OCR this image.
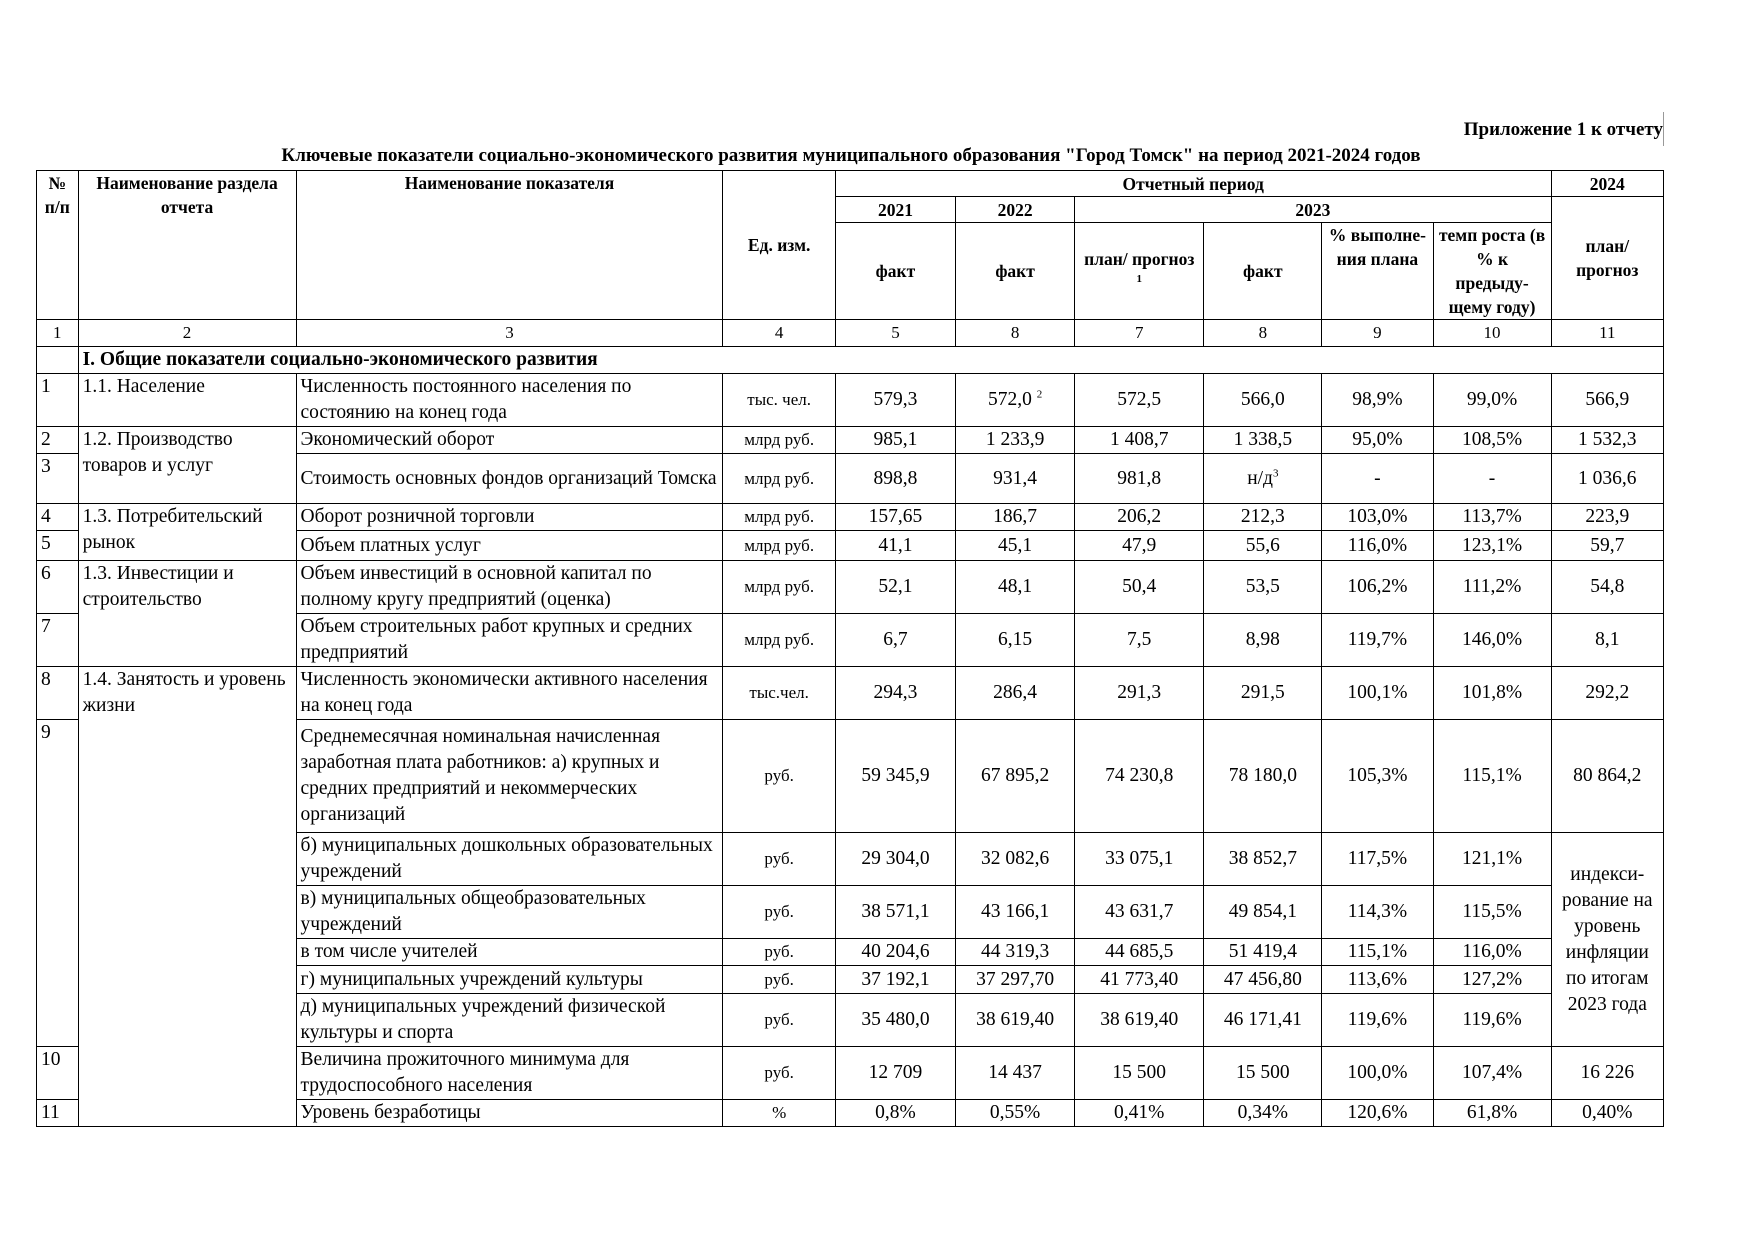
Приложение 1 к отчету
Ключевые показатели социально-экономического развития муниципального образования "Город Томск" на период 2021-2024 годов
№ п/п	Наименование раздела отчета	Наименование показателя	Ед. изм.	Отчетный период						2024
				2021	2022	2023				план/ прогноз
				факт	факт	план/ прогноз $^1$	факт	% выполне- ния плана	темп роста (в % к предыду- щему году)	
1	2	3	4	5	8	7	8	9	10	11
	I. Общие показатели социально-экономического развития									
1	1.1. Население	Численность постоянного населения по состоянию на конец года	тыс. чел.	579,3	572,0 $^2$	572,5	566,0	98,9%	99,0%	566,9
2	1.2. Производство товаров и услуг	Экономический оборот	млрд руб.	985,1	1 233,9	1 408,7	1 338,5	95,0%	108,5%	1 532,3
3		Стоимость основных фондов организаций Томска	млрд руб.	898,8	931,4	981,8	$н/д^3$	-	-	1 036,6
4	1.3. Потребительский рынок	Оборот розничной торговли	млрд руб.	157,65	186,7	206,2	212,3	103,0%	113,7%	223,9
5		Объем платных услуг	млрд руб.	41,1	45,1	47,9	55,6	116,0%	123,1%	59,7
6	1.3. Инвестиции и строительство	Объем инвестиций в основной капитал по полному кругу предприятий (оценка)	млрд руб.	52,1	48,1	50,4	53,5	106,2%	111,2%	54,8
7		Объем строительных работ крупных и средних предприятий	млрд руб.	6,7	6,15	7,5	8,98	119,7%	146,0%	8,1
8	1.4. Занятость и уровень жизни	Численность экономически активного населения на конец года	тыс.чел.	294,3	286,4	291,3	291,5	100,1%	101,8%	292,2
9		Среднемесячная номинальная начисленная заработная плата работников: а) крупных и средних предприятий и некоммерческих организаций	руб.	59 345,9	67 895,2	74 230,8	78 180,0	105,3%	115,1%	80 864,2
		б) муниципальных дошкольных образовательных учреждений	руб.	29 304,0	32 082,6	33 075,1	38 852,7	117,5%	121,1%	индекси- рование на уровень инфляции по итогам 2023 года
		в) муниципальных общеобразовательных учреждений	руб.	38 571,1	43 166,1	43 631,7	49 854,1	114,3%	115,5%	
		в том числе учителей	руб.	40 204,6	44 319,3	44 685,5	51 419,4	115,1%	116,0%	
		г) муниципальных учреждений культуры	руб.	37 192,1	37 297,70	41 773,40	47 456,80	113,6%	127,2%	
		д) муниципальных учреждений физической культуры и спорта	руб.	35 480,0	38 619,40	38 619,40	46 171,41	119,6%	119,6%	
10		Величина прожиточного минимума для трудоспособного населения	руб.	12 709	14 437	15 500	15 500	100,0%	107,4%	16 226
11		Уровень безработицы	%	0,8%	0,55%	0,41%	0,34%	120,6%	61,8%	0,40%
